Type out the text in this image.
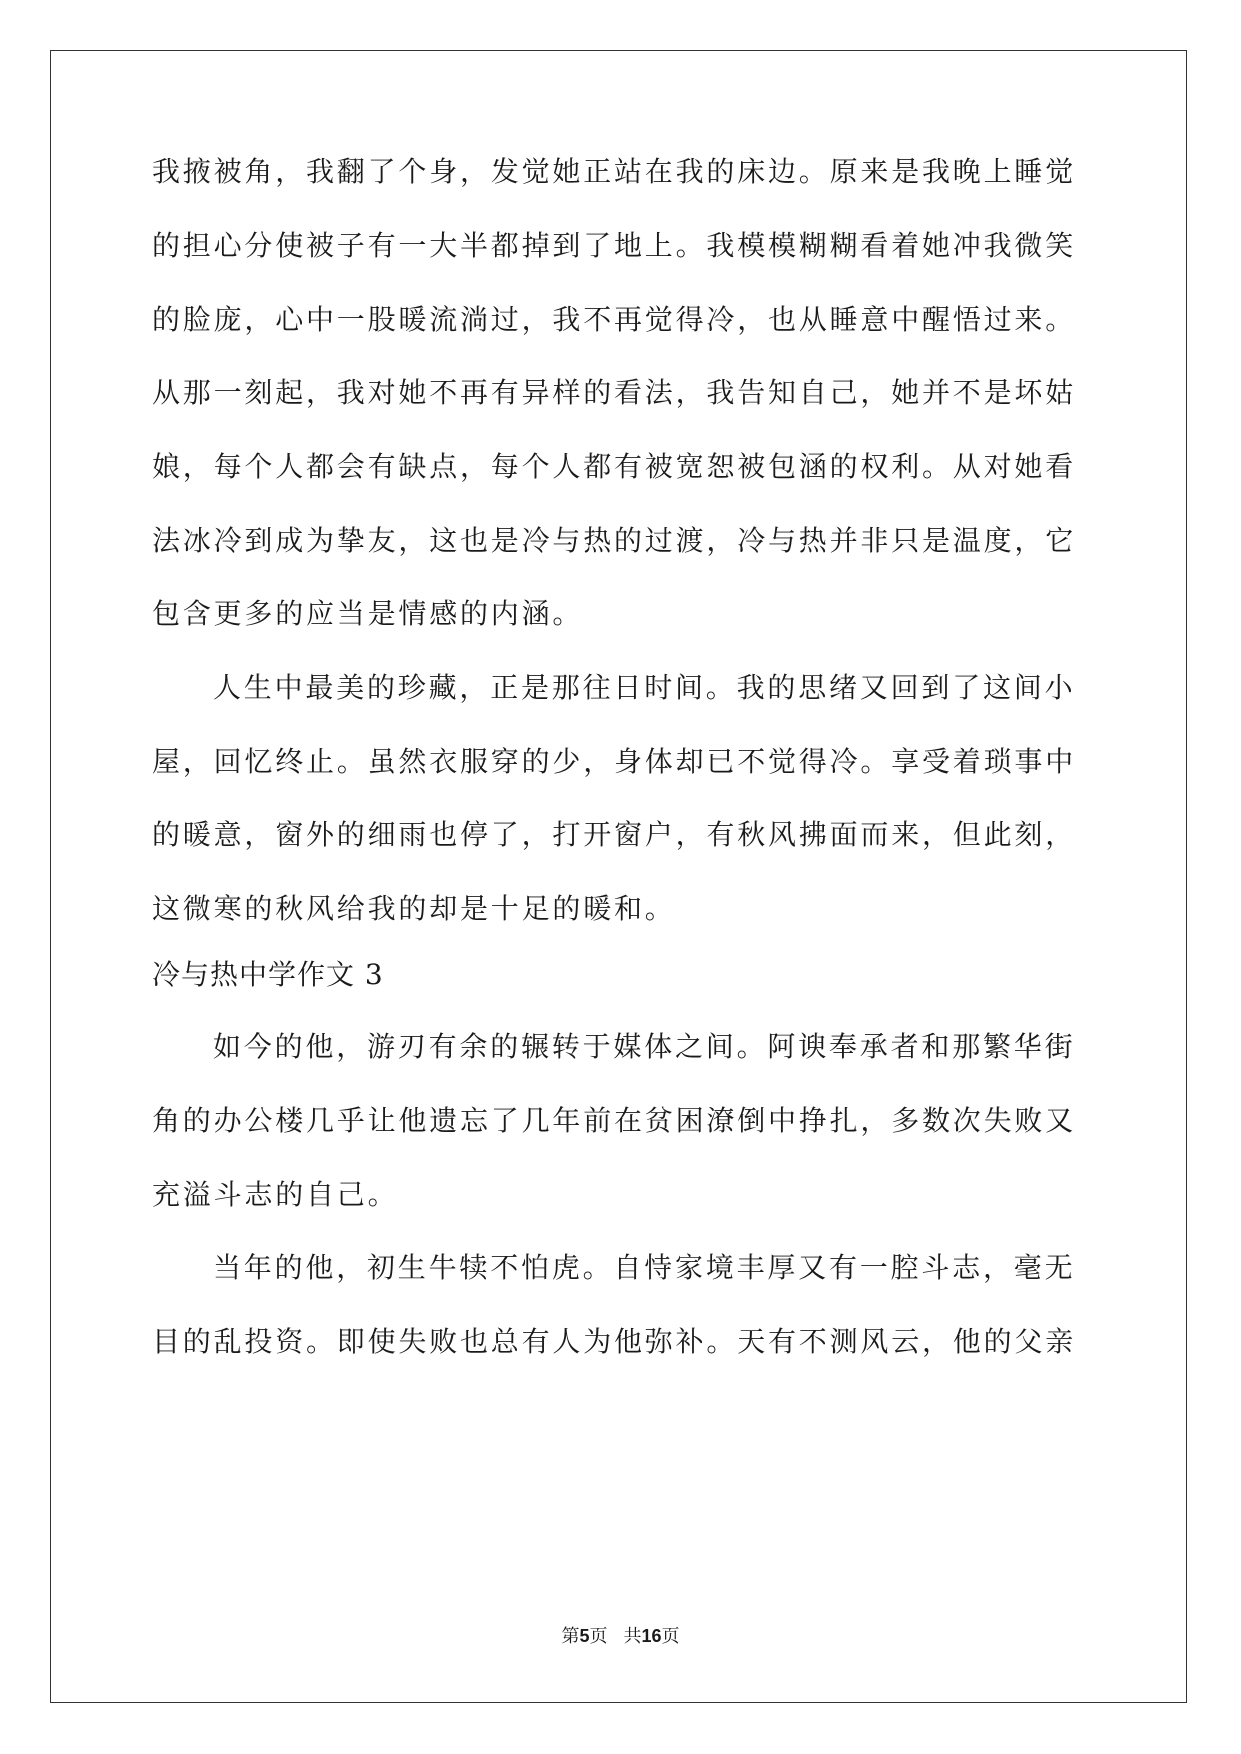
我掖被角，我翻了个身，发觉她正站在我的床边。原来是我晚上睡觉
的担心分使被子有一大半都掉到了地上。我模模糊糊看着她冲我微笑
的脸庞，心中一股暖流淌过，我不再觉得冷，也从睡意中醒悟过来。
从那一刻起，我对她不再有异样的看法，我告知自己，她并不是坏姑
娘，每个人都会有缺点，每个人都有被宽恕被包涵的权利。从对她看
法冰冷到成为挚友，这也是冷与热的过渡，冷与热并非只是温度，它
包含更多的应当是情感的内涵。
人生中最美的珍藏，正是那往日时间。我的思绪又回到了这间小
屋，回忆终止。虽然衣服穿的少，身体却已不觉得冷。享受着琐事中
的暖意，窗外的细雨也停了，打开窗户，有秋风拂面而来，但此刻，
这微寒的秋风给我的却是十足的暖和。
冷与热中学作文 3
如今的他，游刃有余的辗转于媒体之间。阿谀奉承者和那繁华街
角的办公楼几乎让他遗忘了几年前在贫困潦倒中挣扎，多数次失败又
充溢斗志的自己。
当年的他，初生牛犊不怕虎。自恃家境丰厚又有一腔斗志，毫无
目的乱投资。即使失败也总有人为他弥补。天有不测风云，他的父亲
第5页 共16页
